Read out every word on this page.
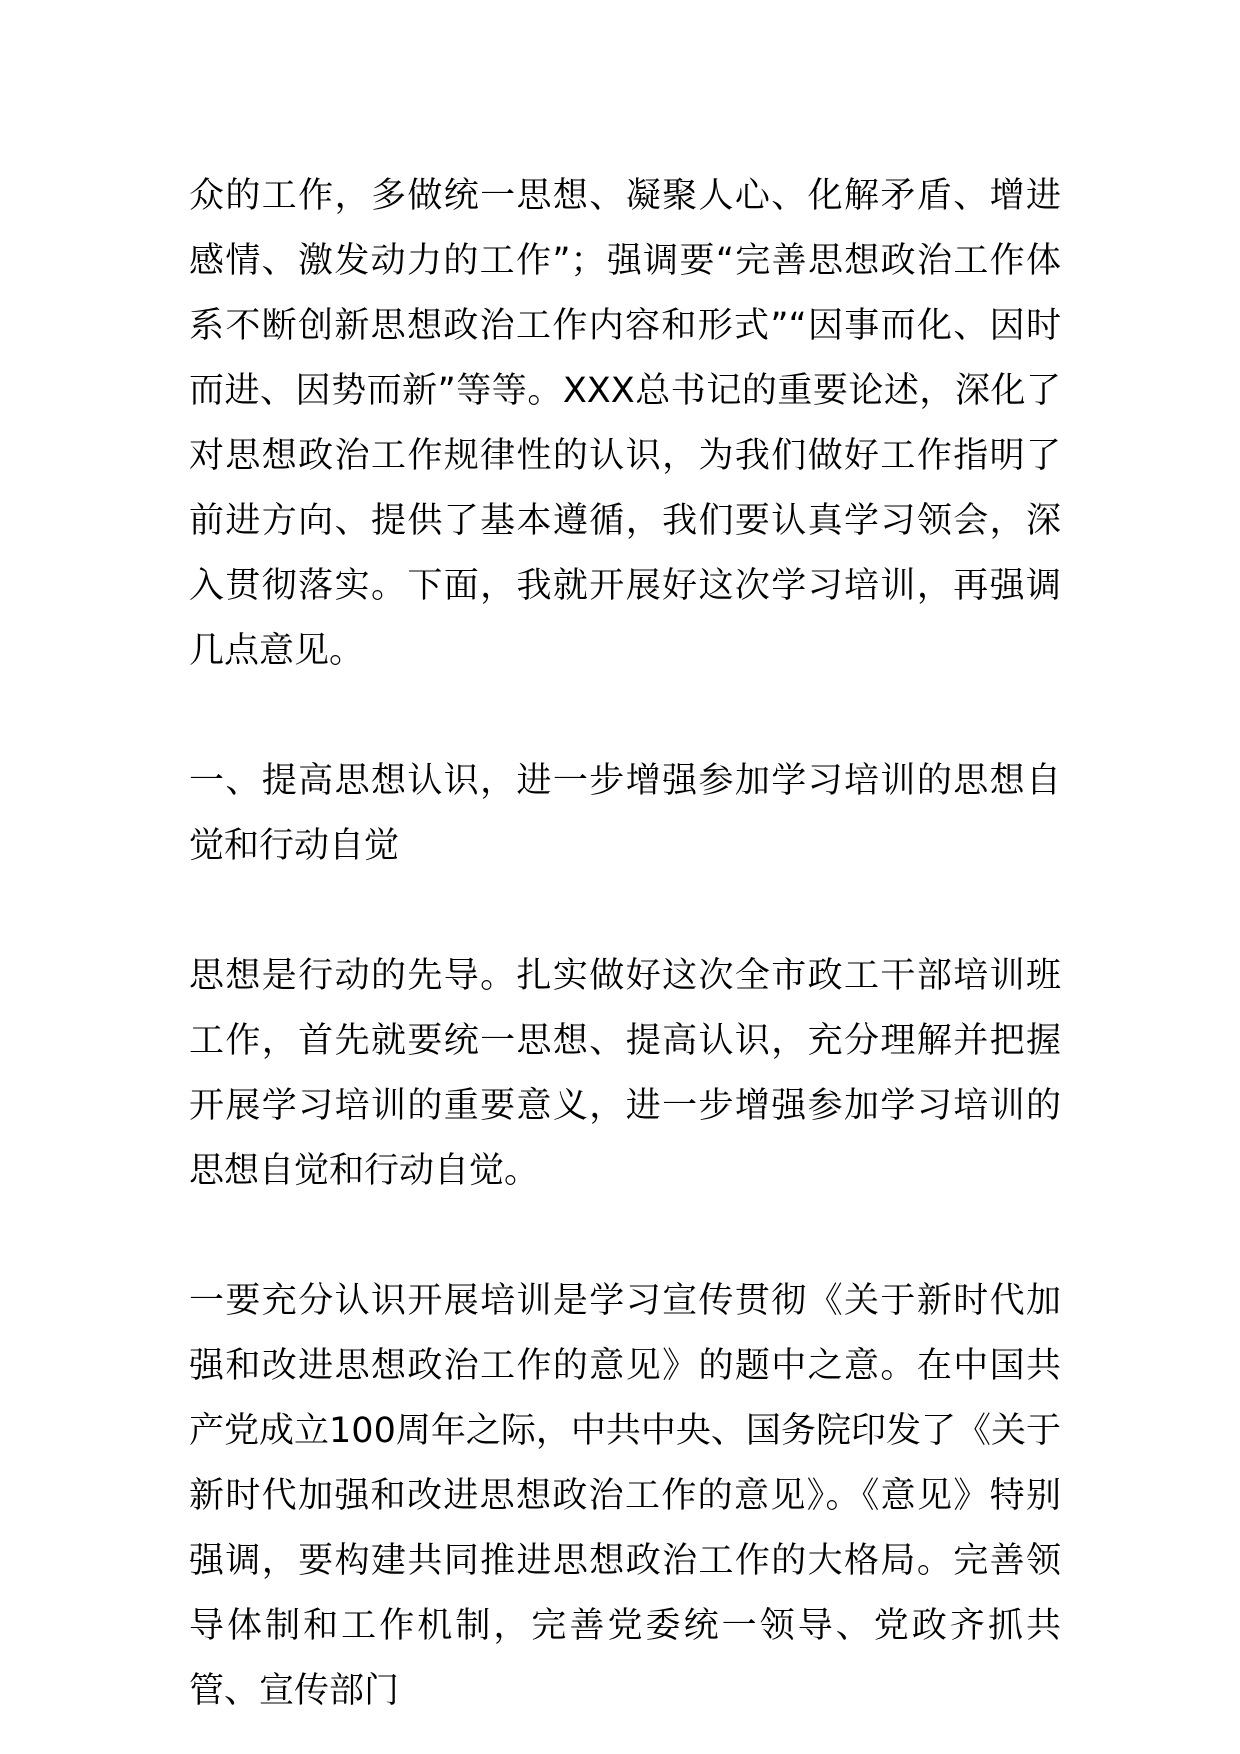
众的工作，多做统一思想、凝聚人心、化解矛盾、增进感情、激发动力的工作”；强调要“完善思想政治工作体系不断创新思想政治工作内容和形式”“因事而化、因时而进、因势而新”等等。XXX总书记的重要论述，深化了对思想政治工作规律性的认识，为我们做好工作指明了前进方向、提供了基本遵循，我们要认真学习领会，深入贯彻落实。下面，我就开展好这次学习培训，再强调几点意见。

一、提高思想认识，进一步增强参加学习培训的思想自觉和行动自觉

思想是行动的先导。扎实做好这次全市政工干部培训班工作，首先就要统一思想、提高认识，充分理解并把握开展学习培训的重要意义，进一步增强参加学习培训的思想自觉和行动自觉。

一要充分认识开展培训是学习宣传贯彻《关于新时代加强和改进思想政治工作的意见》的题中之意。在中国共产党成立100周年之际，中共中央、国务院印发了《关于新时代加强和改进思想政治工作的意见》。《意见》特别强调，要构建共同推进思想政治工作的大格局。完善领导体制和工作机制，完善党委统一领导、党政齐抓共管、宣传部门
